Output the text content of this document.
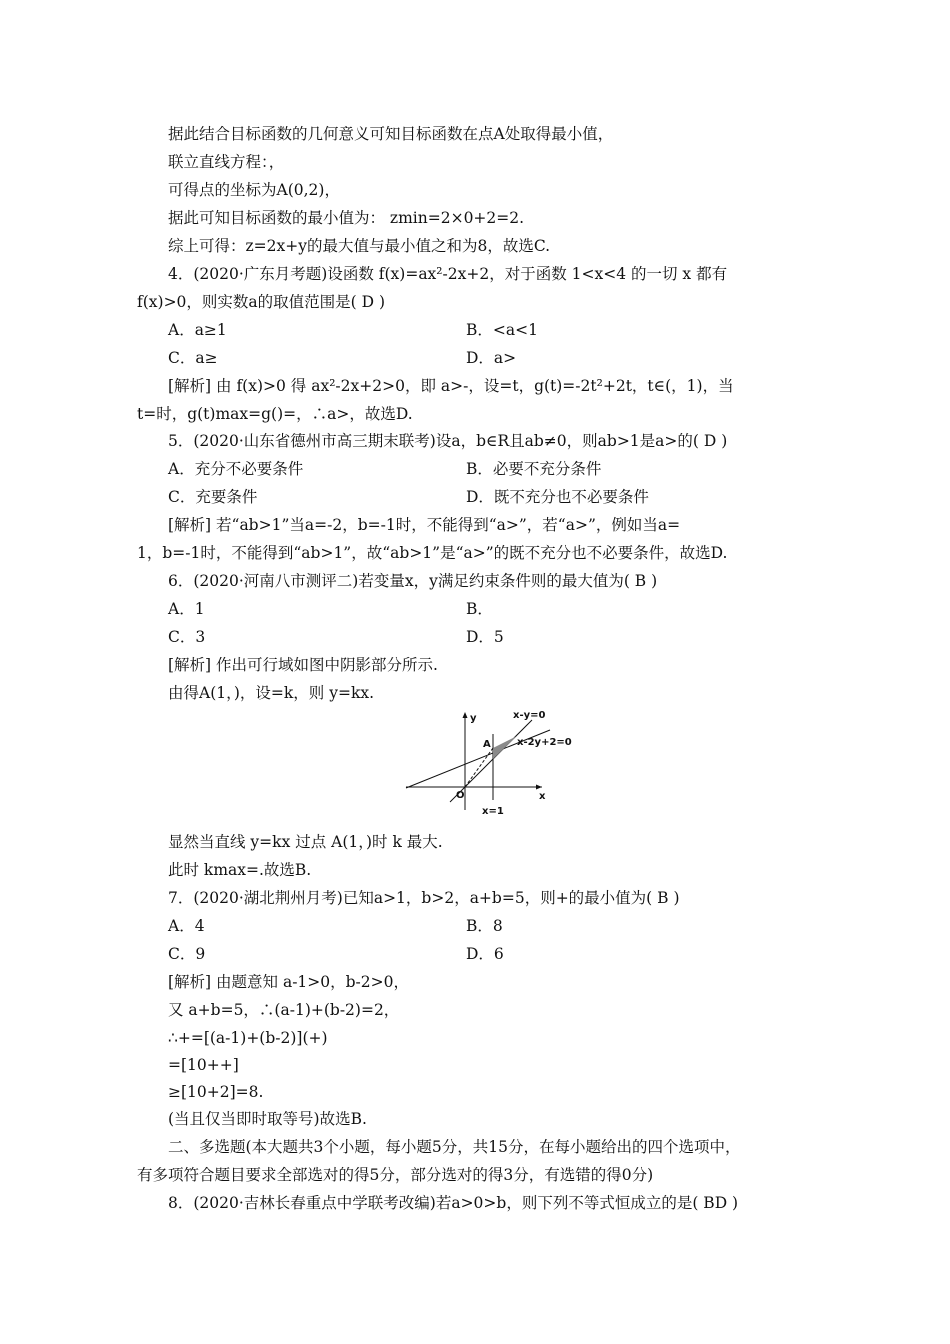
据此结合目标函数的几何意义可知目标函数在点A处取得最小值，
联立直线方程：，
可得点的坐标为A(0,2)，
据此可知目标函数的最小值为： zmin=2×0+2=2.
综上可得：z=2x+y的最大值与最小值之和为8，故选C.
4．(2020·广东月考题)设函数 f(x)=ax²-2x+2，对于函数 1<x<4 的一切 x 都有
f(x)>0，则实数a的取值范围是( D )
A．a≥1	B．<a<1
C．a≥	D．a>
[解析] 由 f(x)>0 得 ax²-2x+2>0，即 a>-，设=t，g(t)=-2t²+2t，t∈(，1)，当
t=时，g(t)max=g()=，∴a>，故选D.
5．(2020·山东省德州市高三期末联考)设a，b∈R且ab≠0，则ab>1是a>的( D )
A．充分不必要条件	B．必要不充分条件
C．充要条件	D．既不充分也不必要条件
[解析] 若“ab>1”当a=-2，b=-1时，不能得到“a>”，若“a>”，例如当a=
1，b=-1时，不能得到“ab>1”，故“ab>1”是“a>”的既不充分也不必要条件，故选D.
6．(2020·河南八市测评二)若变量x，y满足约束条件则的最大值为( B )
A．1	B．
C．3	D．5
[解析] 作出可行域如图中阴影部分所示.
由得A(1，)，设=k，则 y=kx.
y
x
O
A
x-y=0
x-2y+2=0
x=1
显然当直线 y=kx 过点 A(1，)时 k 最大.
此时 kmax=.故选B.
7．(2020·湖北荆州月考)已知a>1，b>2，a+b=5，则+的最小值为( B )
A．4	B．8
C．9	D．6
[解析] 由题意知 a-1>0，b-2>0，
又 a+b=5，∴(a-1)+(b-2)=2，
∴+=[(a-1)+(b-2)](+)
=[10++]
≥[10+2]=8.
(当且仅当即时取等号)故选B.
二、多选题(本大题共3个小题，每小题5分，共15分，在每小题给出的四个选项中，
有多项符合题目要求全部选对的得5分，部分选对的得3分，有选错的得0分)
8．(2020·吉林长春重点中学联考改编)若a>0>b，则下列不等式恒成立的是( BD )
